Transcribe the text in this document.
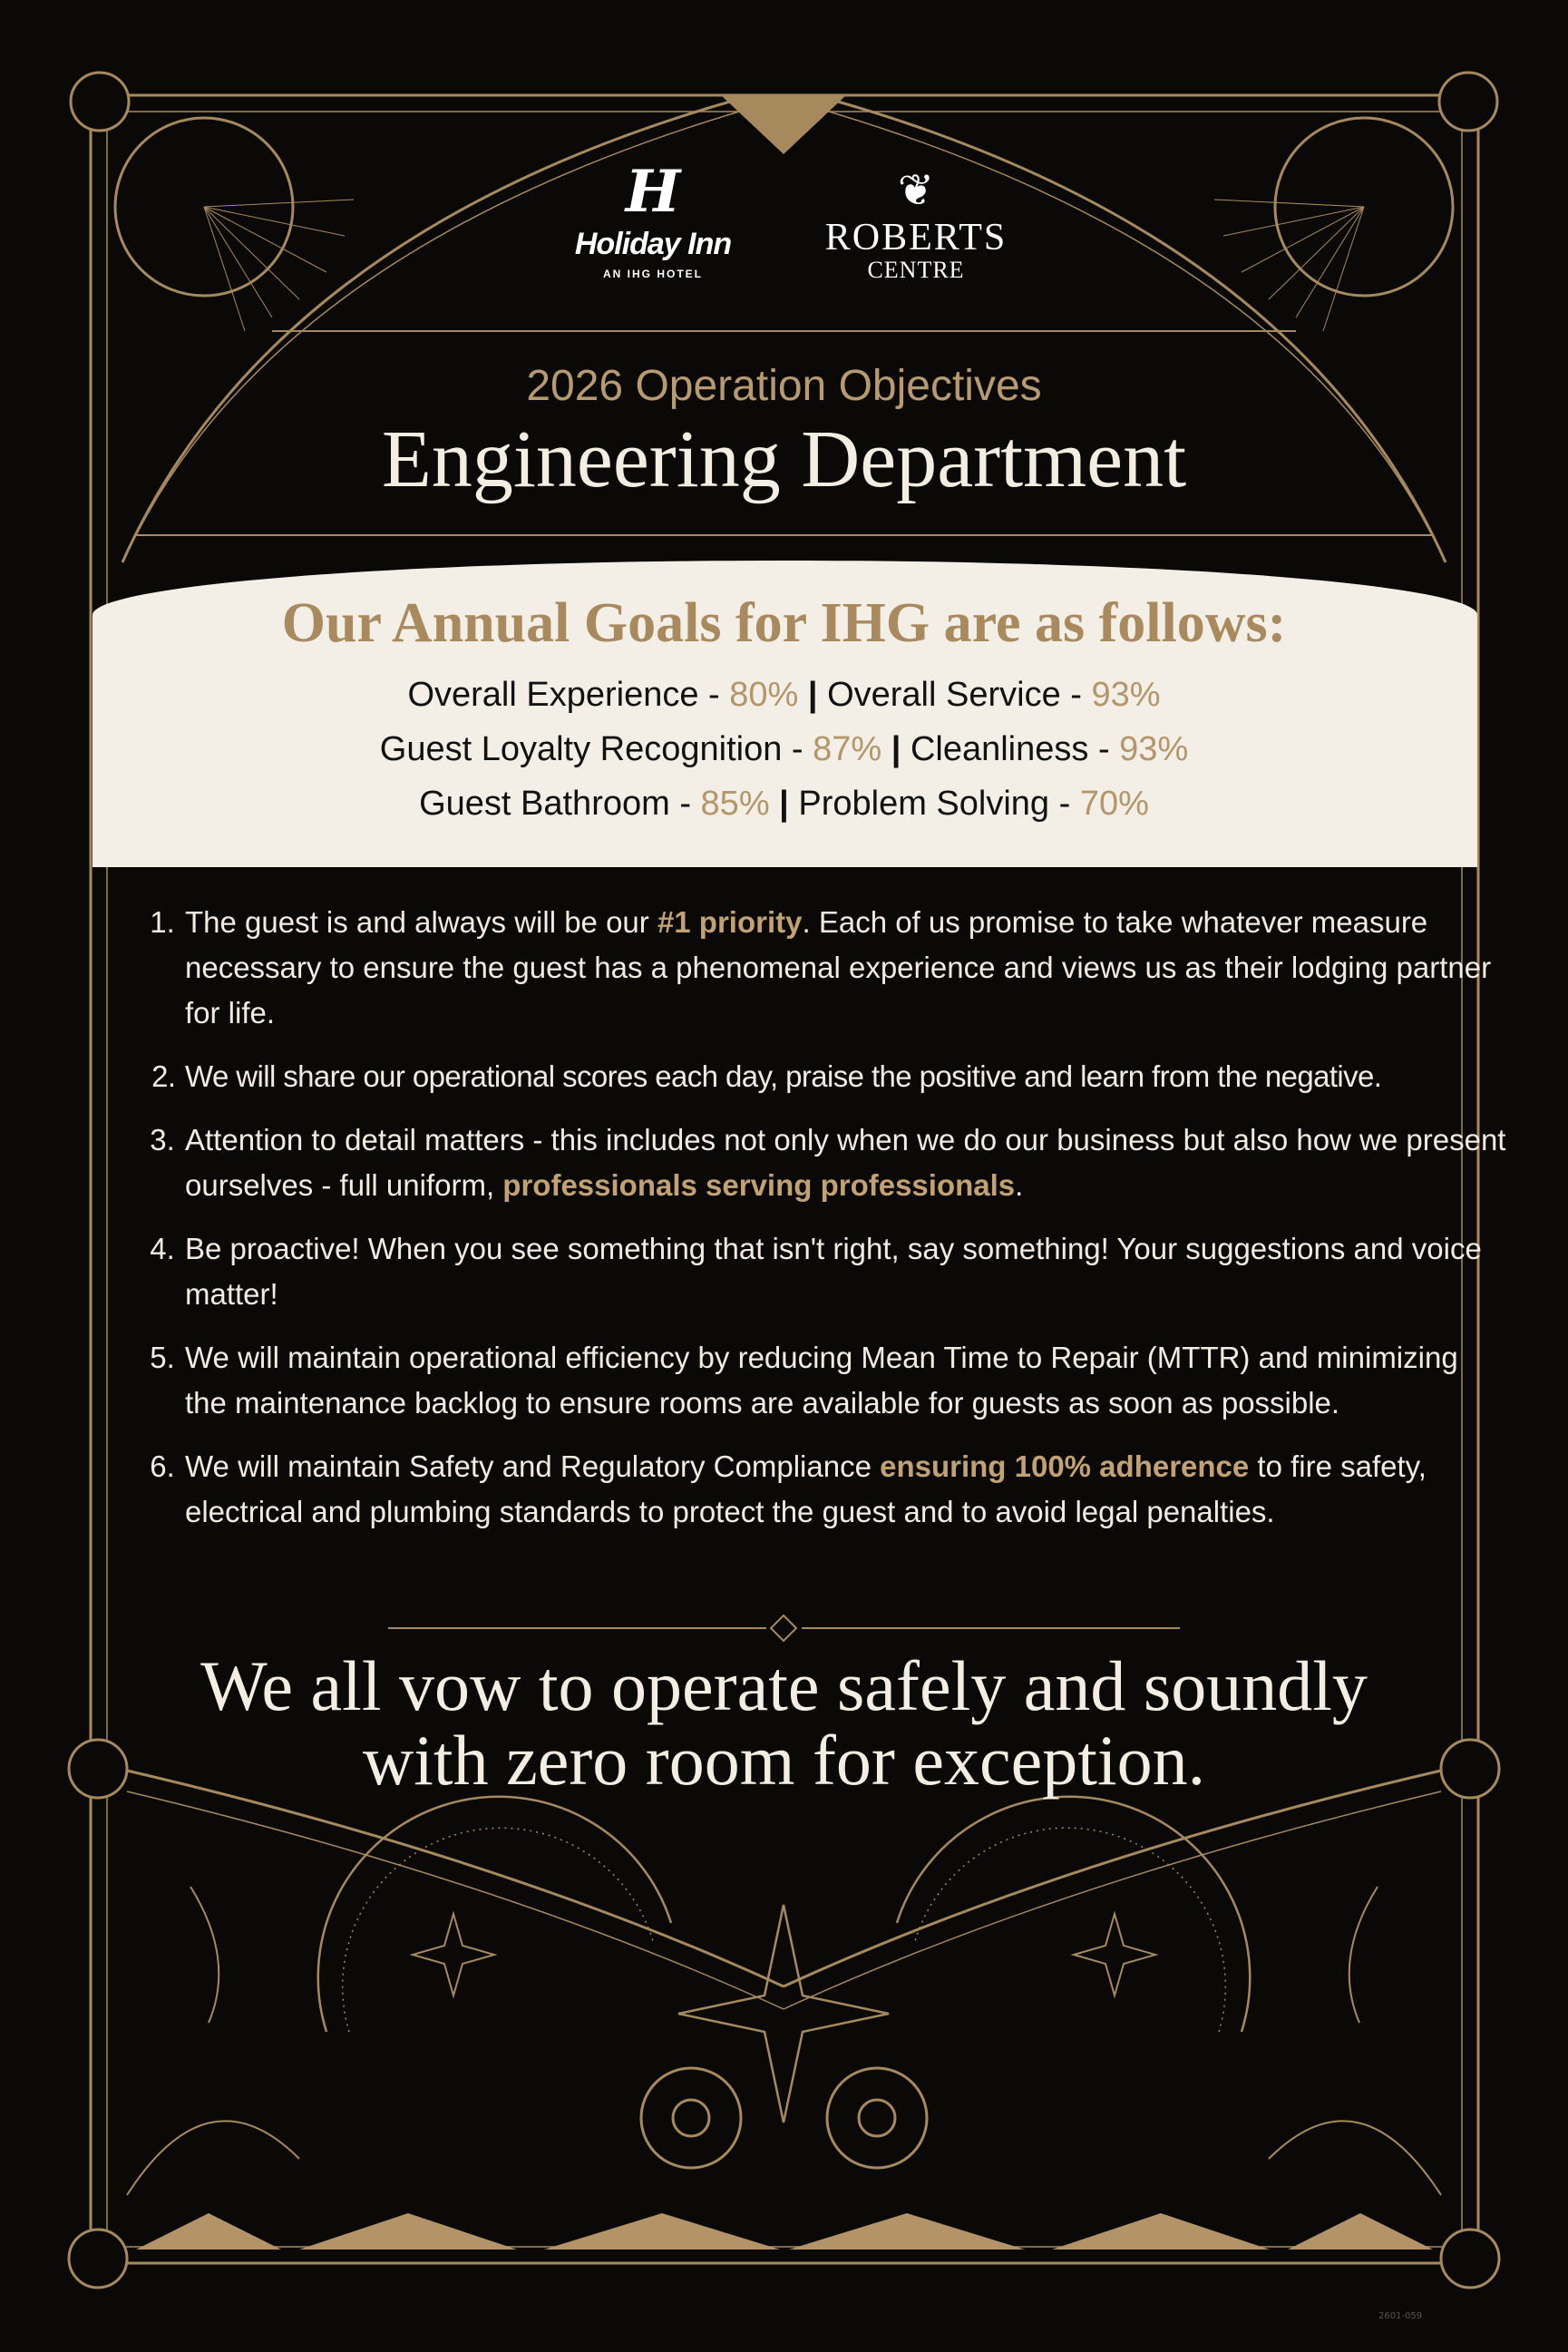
H
Holiday Inn
AN IHG HOTEL
❦
ROBERTS
CENTRE
2026 Operation Objectives
Engineering Department
Our Annual Goals for IHG are as follows:
Overall Experience - 80% | Overall Service - 93%
Guest Loyalty Recognition - 87% | Cleanliness - 93%
Guest Bathroom - 85% | Problem Solving - 70%
1. The guest is and always will be our #1 priority. Each of us promise to take whatever measure necessary to ensure the guest has a phenomenal experience and views us as their lodging partner for life.
2. We will share our operational scores each day, praise the positive and learn from the negative.
3. Attention to detail matters - this includes not only when we do our business but also how we present ourselves - full uniform, professionals serving professionals.
4. Be proactive! When you see something that isn't right, say something! Your suggestions and voice matter!
5. We will maintain operational efficiency by reducing Mean Time to Repair (MTTR) and minimizing the maintenance backlog to ensure rooms are available for guests as soon as possible.
6. We will maintain Safety and Regulatory Compliance ensuring 100% adherence to fire safety, electrical and plumbing standards to protect the guest and to avoid legal penalties.
We all vow to operate safely and soundly
with zero room for exception.
2601-059
